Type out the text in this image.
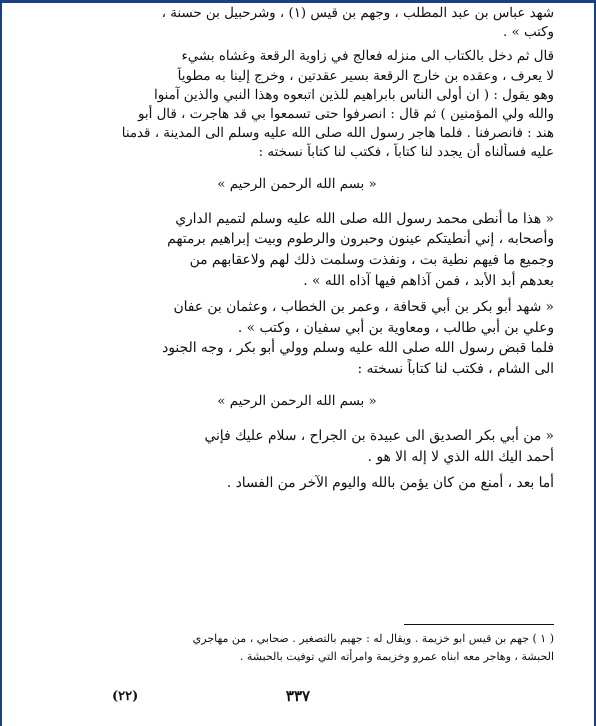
شهد عباس بن عبد المطلب ، وجهم بن قيس (١) ، وشرحبيل بن حسنة ،
وكتب » .
قال ثم دخل بالكتاب الى منزله فعالج في زاوية الرقعة وغشاه بشيء
لا يعرف ، وعقده بن خارج الرقعة بسير عقدتين ، وخرج إلينا به مطوياً
وهو يقول : ( ان أولى الناس بابراهيم للذين اتبعوه وهذا النبي والذين آمنوا
والله ولي المؤمنين ) ثم قال : انصرفوا حتى تسمعوا بي قد هاجرت ، قال أبو
هند : فانصرفنا . فلما هاجر رسول الله صلى الله عليه وسلم الى المدينة ، قدمنا
عليه فسألناه أن يجدد لنا كتاباً ، فكتب لنا كتاباً نسخته :
« بسم الله الرحمن الرحيم »
« هذا ما أنطى محمد رسول الله صلى الله عليه وسلم لتميم الداري
وأصحابه ، إني أنطيتكم عينون وحبرون والرطوم وبيت إبراهيم برمتهم
وجميع ما فيهم نطية بت ، ونفذت وسلمت ذلك لهم ولاعقابهم من
بعدهم أبد الأبد ، فمن آذاهم فيها آذاه الله » .
« شهد أبو بكر بن أبي قحافة ، وعمر بن الخطاب ، وعثمان بن عفان
وعلي بن أبي طالب ، ومعاوية بن أبي سفيان ، وكتب » .
فلما قبض رسول الله صلى الله عليه وسلم وولي أبو بكر ، وجه الجنود
الى الشام ، فكتب لنا كتاباً نسخته :
« بسم الله الرحمن الرحيم »
« من أبي بكر الصديق الى عبيدة بن الجراح ، سلام عليك فإني
أحمد اليك الله الذي لا إله الا هو .
أما بعد ، أمنع من كان يؤمن بالله واليوم الآخر من الفساد .
( ١ ) جهم بن قيس ابو خزيمة . ويقال له : جهيم بالتصغير . صحابي ، من مهاجري
الحبشة ، وهاجر معه ابناه عمرو وخزيمة وامرأته التي توفيت بالحبشة .
٣٣٧
(٢٢)
